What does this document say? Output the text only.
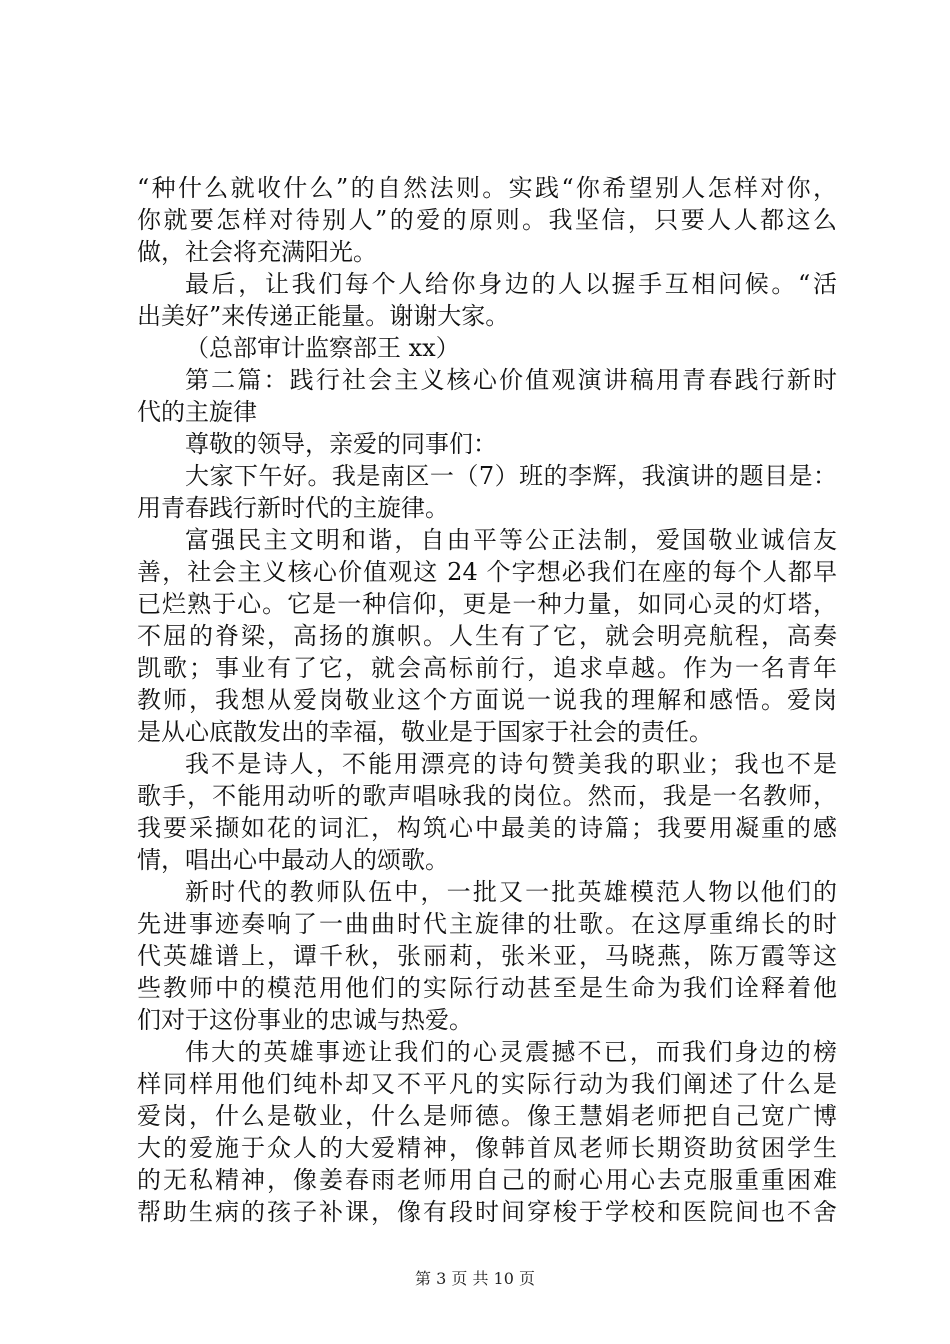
“种什么就收什么”的自然法则。实践“你希望别人怎样对你，
你就要怎样对待别人”的爱的原则。我坚信，只要人人都这么
做，社会将充满阳光。
最后，让我们每个人给你身边的人以握手互相问候。“活
出美好”来传递正能量。谢谢大家。
（总部审计监察部王 xx）
第二篇：践行社会主义核心价值观演讲稿用青春践行新时
代的主旋律
尊敬的领导，亲爱的同事们：
大家下午好。我是南区一（7）班的李辉，我演讲的题目是：
用青春践行新时代的主旋律。
富强民主文明和谐，自由平等公正法制，爱国敬业诚信友
善，社会主义核心价值观这 24 个字想必我们在座的每个人都早
已烂熟于心。它是一种信仰，更是一种力量，如同心灵的灯塔，
不屈的脊梁，高扬的旗帜。人生有了它，就会明亮航程，高奏
凯歌；事业有了它，就会高标前行，追求卓越。作为一名青年
教师，我想从爱岗敬业这个方面说一说我的理解和感悟。爱岗
是从心底散发出的幸福，敬业是于国家于社会的责任。
我不是诗人，不能用漂亮的诗句赞美我的职业；我也不是
歌手，不能用动听的歌声唱咏我的岗位。然而，我是一名教师，
我要采撷如花的词汇，构筑心中最美的诗篇；我要用凝重的感
情，唱出心中最动人的颂歌。
新时代的教师队伍中，一批又一批英雄模范人物以他们的
先进事迹奏响了一曲曲时代主旋律的壮歌。在这厚重绵长的时
代英雄谱上，谭千秋，张丽莉，张米亚，马晓燕，陈万霞等这
些教师中的模范用他们的实际行动甚至是生命为我们诠释着他
们对于这份事业的忠诚与热爱。
伟大的英雄事迹让我们的心灵震撼不已，而我们身边的榜
样同样用他们纯朴却又不平凡的实际行动为我们阐述了什么是
爱岗，什么是敬业，什么是师德。像王慧娟老师把自己宽广博
大的爱施于众人的大爱精神，像韩首凤老师长期资助贫困学生
的无私精神，像姜春雨老师用自己的耐心用心去克服重重困难
帮助生病的孩子补课，像有段时间穿梭于学校和医院间也不舍
第 3 页 共 10 页
